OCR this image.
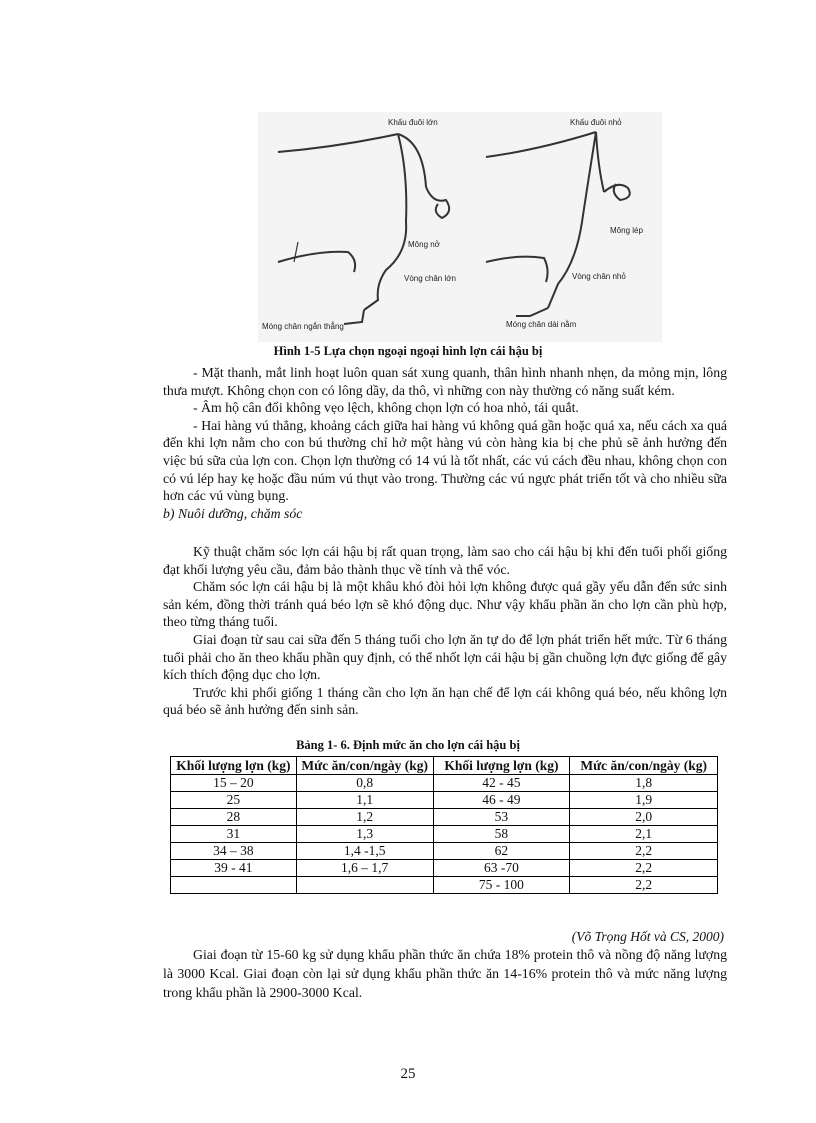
Khấu đuôi lớn	Khấu đuôi nhỏ
Mông nở
Mông lép
Vòng chân lớn	Vòng chân nhỏ
Móng chân ngắn thẳng	Móng chân dài nằm
Hình 1-5 Lựa chọn ngoại ngoại hình lợn cái hậu bị

- Mặt thanh, mắt linh hoạt luôn quan sát xung quanh, thân hình nhanh nhẹn, da mỏng mịn, lông thưa mượt. Không chọn con có lông dầy, da thô, vì những con này thường có năng suất kém.

- Âm hộ cân đối không vẹo lệch, không chọn lợn có hoa nhỏ, tái quắt.

- Hai hàng vú thẳng, khoảng cách giữa hai hàng vú không quá gần hoặc quá xa, nếu cách xa quá đến khi lợn nằm cho con bú thường chỉ hở một hàng vú còn hàng kia bị che phủ sẽ ảnh hưởng đến việc bú sữa của lợn con. Chọn lợn thường có 14 vú là tốt nhất, các vú cách đều nhau, không chọn con có vú lép hay kẹ hoặc đầu núm vú thụt vào trong. Thường các vú ngực phát triển tốt và cho nhiều sữa hơn các vú vùng bụng.

b) Nuôi dưỡng, chăm sóc

Kỹ thuật chăm sóc lợn cái hậu bị rất quan trọng, làm sao cho cái hậu bị khi đến tuổi phối giống đạt khối lượng yêu cầu, đảm bảo thành thục về tính và thể vóc.

Chăm sóc lợn cái hậu bị là một khâu khó đòi hỏi lợn không được quá gầy yếu dẫn đến sức sinh sản kém, đồng thời tránh quá béo lợn sẽ khó động dục. Như vậy khẩu phần ăn cho lợn cần phù hợp, theo từng tháng tuổi.

Giai đoạn từ sau cai sữa đến 5 tháng tuổi cho lợn ăn tự do để lợn phát triển hết mức. Từ 6 tháng tuổi phải cho ăn theo khẩu phần quy định, có thể nhốt lợn cái hậu bị gần chuồng lợn đực giống để gây kích thích động dục cho lợn.

Trước khi phối giống 1 tháng cần cho lợn ăn hạn chế để lợn cái không quá béo, nếu không lợn quá béo sẽ ảnh hưởng đến sinh sản.

Bảng 1- 6. Định mức ăn cho lợn cái hậu bị
Khối lượng lợn (kg)	Mức ăn/con/ngày (kg)	Khối lượng lợn (kg)	Mức ăn/con/ngày (kg)
15 – 20	0,8	42 - 45	1,8
25	1,1	46 - 49	1,9
28	1,2	53	2,0
31	1,3	58	2,1
34 – 38	1,4 -1,5	62	2,2
39 - 41	1,6 – 1,7	63 -70	2,2
		75 - 100	2,2
(Võ Trọng Hốt và CS, 2000)

Giai đoạn từ 15-60 kg sử dụng khẩu phần thức ăn chứa 18% protein thô và nồng độ năng lượng là 3000 Kcal. Giai đoạn còn lại sử dụng khẩu phần thức ăn 14-16% protein thô và mức năng lượng trong khẩu phần là 2900-3000 Kcal.

25
